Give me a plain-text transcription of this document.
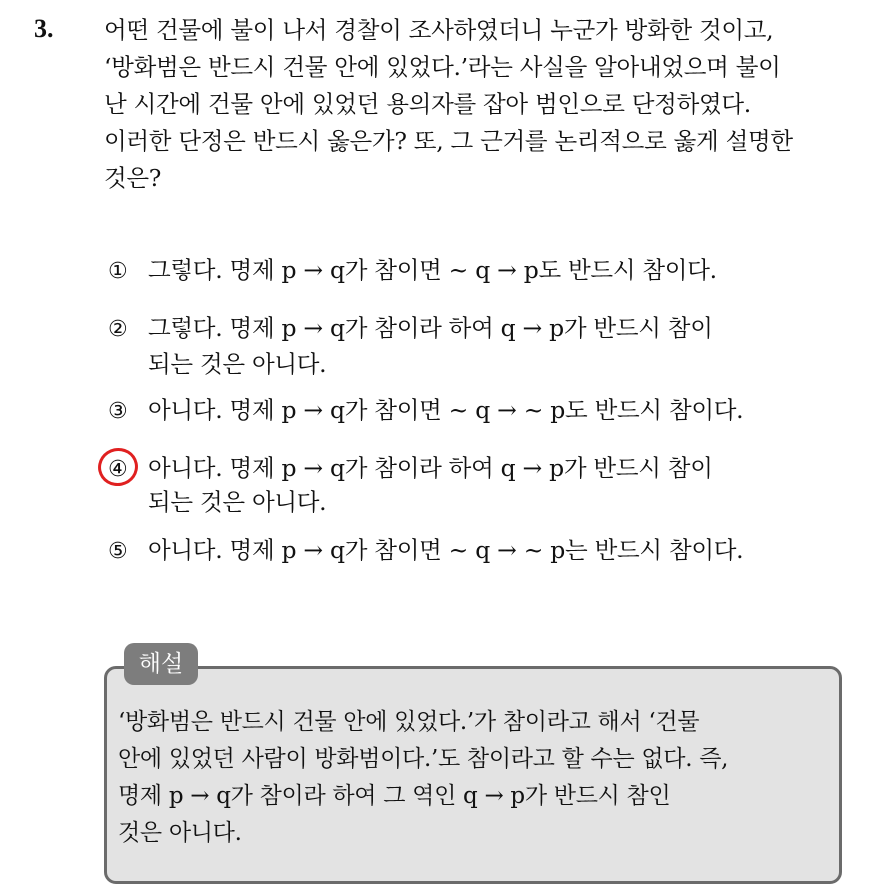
3. 어떤 건물에 불이 나서 경찰이 조사하였더니 누군가 방화한 것이고,
‘방화범은 반드시 건물 안에 있었다.’라는 사실을 알아내었으며 불이
난 시간에 건물 안에 있었던 용의자를 잡아 범인으로 단정하였다.
이러한 단정은 반드시 옳은가? 또, 그 근거를 논리적으로 옳게 설명한
것은?
① 그렇다. 명제 p → q가 참이면 ~ q → p도 반드시 참이다.
② 그렇다. 명제 p → q가 참이라 하여 q → p가 반드시 참이
되는 것은 아니다.
③ 아니다. 명제 p → q가 참이면 ~ q → ~ p도 반드시 참이다.
④ 아니다. 명제 p → q가 참이라 하여 q → p가 반드시 참이
되는 것은 아니다.
⑤ 아니다. 명제 p → q가 참이면 ~ q → ~ p는 반드시 참이다.
해설
‘방화범은 반드시 건물 안에 있었다.’가 참이라고 해서 ‘건물
안에 있었던 사람이 방화범이다.’도 참이라고 할 수는 없다. 즉,
명제 p → q가 참이라 하여 그 역인 q → p가 반드시 참인
것은 아니다.
